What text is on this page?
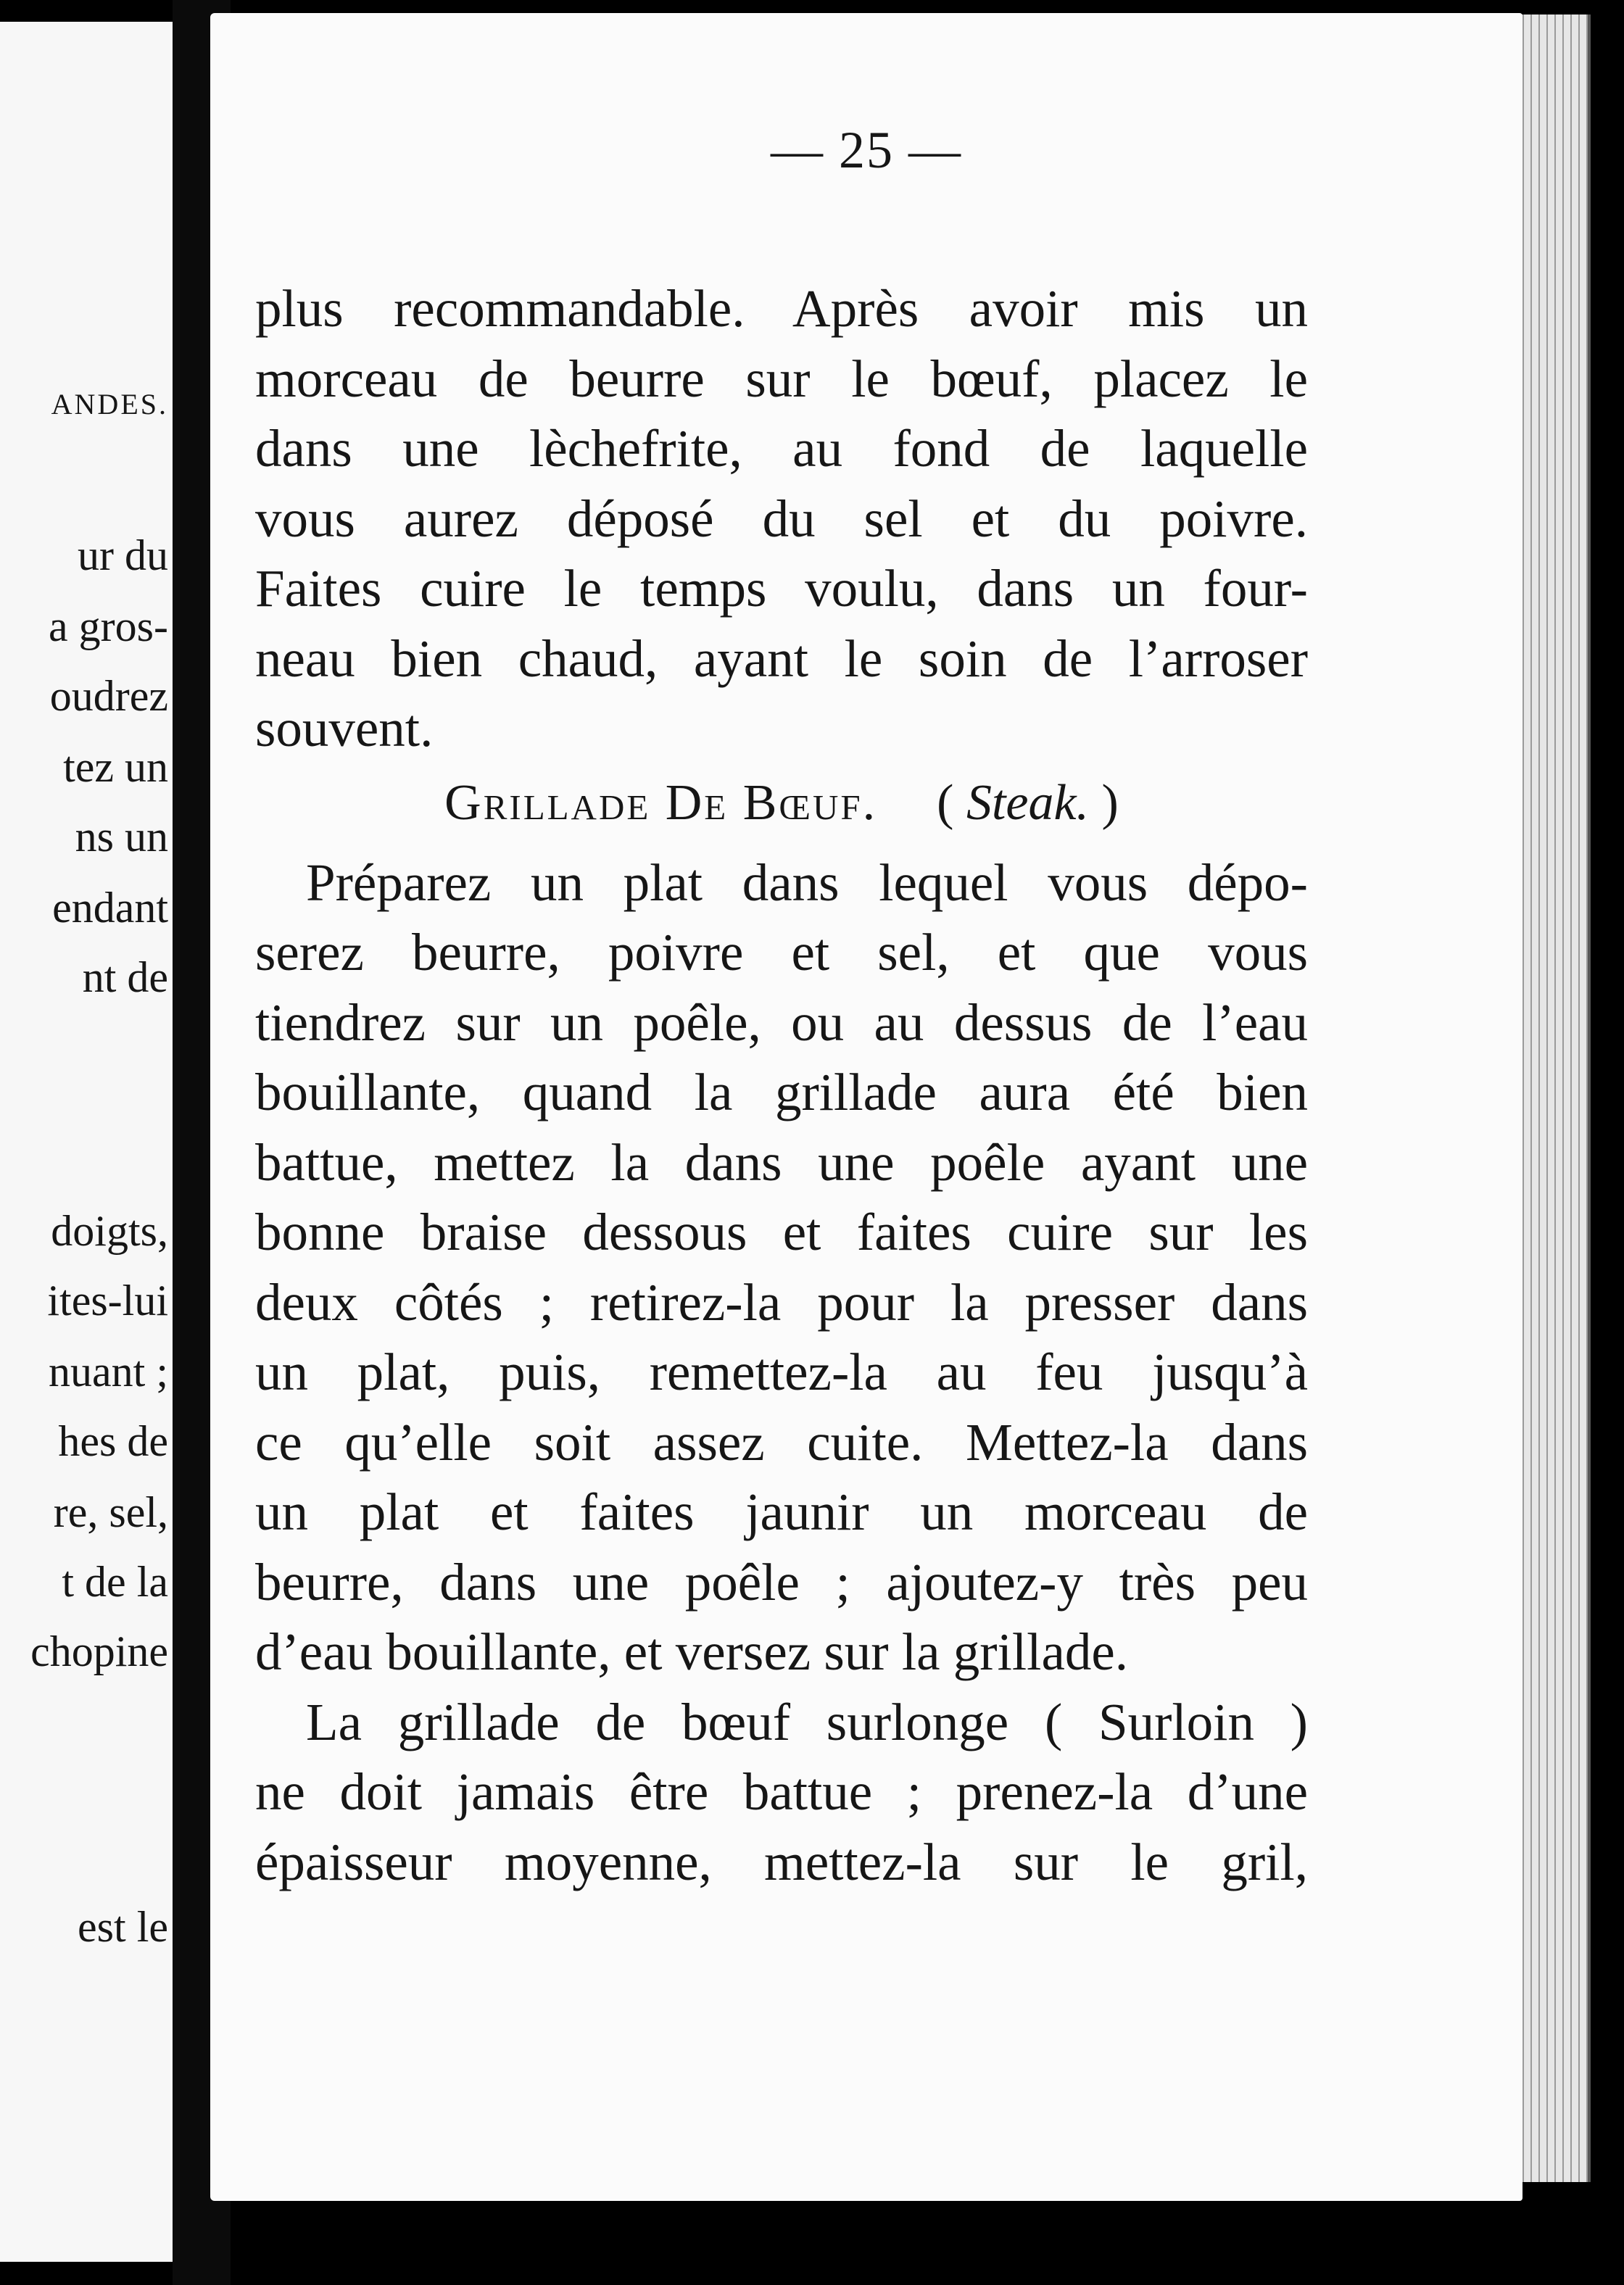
ANDES.

ur du

a gros-

oudrez

tez un

ns un

endant

nt de

doigts,

ites-lui

nuant ;

hes de

re, sel,

t de la

chopine

est le

— 25 —

plus recommandable. Après avoir mis un

morceau de beurre sur le bœuf, placez le

dans une lèchefrite, au fond de laquelle

vous aurez déposé du sel et du poivre.

Faites cuire le temps voulu, dans un four-

neau bien chaud, ayant le soin de l’arroser

souvent.

Grillade De Bœuf. ( Steak. )

Préparez un plat dans lequel vous dépo-

serez beurre, poivre et sel, et que vous

tiendrez sur un poêle, ou au dessus de l’eau

bouillante, quand la grillade aura été bien

battue, mettez la dans une poêle ayant une

bonne braise dessous et faites cuire sur les

deux côtés ; retirez-la pour la presser dans

un plat, puis, remettez-la au feu jusqu’à

ce qu’elle soit assez cuite. Mettez-la dans

un plat et faites jaunir un morceau de

beurre, dans une poêle ; ajoutez-y très peu

d’eau bouillante, et versez sur la grillade.

La grillade de bœuf surlonge ( Surloin )

ne doit jamais être battue ; prenez-la d’une

épaisseur moyenne, mettez-la sur le gril,
